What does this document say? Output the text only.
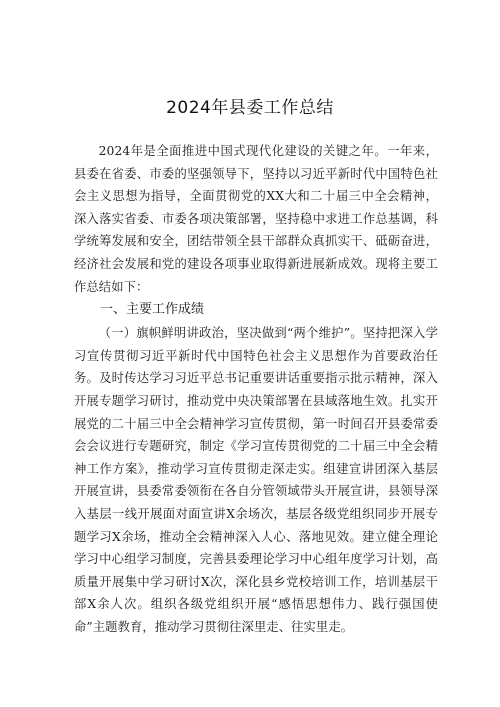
2024年县委工作总结

2024年是全面推进中国式现代化建设的关键之年。一年来，县委在省委、市委的坚强领导下，坚持以习近平新时代中国特色社会主义思想为指导，全面贯彻党的XX大和二十届三中全会精神，深入落实省委、市委各项决策部署，坚持稳中求进工作总基调，科学统筹发展和安全，团结带领全县干部群众真抓实干、砥砺奋进，经济社会发展和党的建设各项事业取得新进展新成效。现将主要工作总结如下：

一、主要工作成绩

（一）旗帜鲜明讲政治，坚决做到“两个维护”。坚持把深入学习宣传贯彻习近平新时代中国特色社会主义思想作为首要政治任务。及时传达学习习近平总书记重要讲话重要指示批示精神，深入开展专题学习研讨，推动党中央决策部署在县域落地生效。扎实开展党的二十届三中全会精神学习宣传贯彻，第一时间召开县委常委会会议进行专题研究，制定《学习宣传贯彻党的二十届三中全会精神工作方案》，推动学习宣传贯彻走深走实。组建宣讲团深入基层开展宣讲，县委常委领衔在各自分管领域带头开展宣讲，县领导深入基层一线开展面对面宣讲X余场次，基层各级党组织同步开展专题学习X余场，推动全会精神深入人心、落地见效。建立健全理论学习中心组学习制度，完善县委理论学习中心组年度学习计划，高质量开展集中学习研讨X次，深化县乡党校培训工作，培训基层干部X余人次。组织各级党组织开展“感悟思想伟力、践行强国使命”主题教育，推动学习贯彻往深里走、往实里走。
